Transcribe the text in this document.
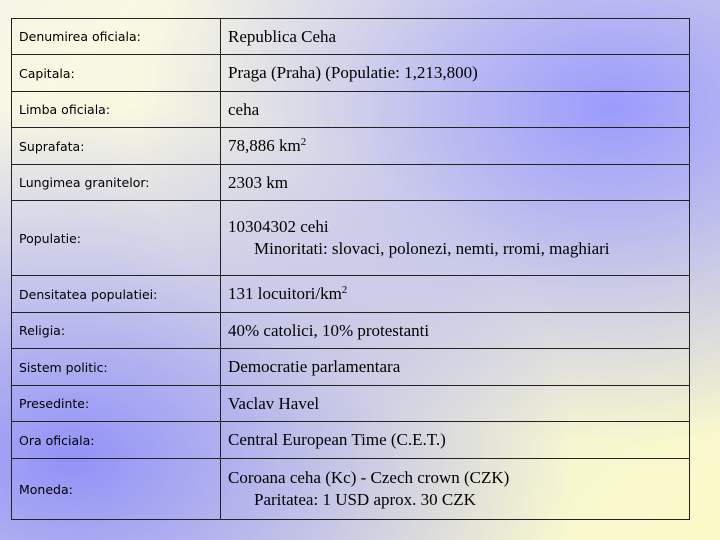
Denumirea oficiala:	Republica Ceha
Capitala:	Praga (Praha) (Populatie: 1,213,800)
Limba oficiala:	ceha
Suprafata:	78,886 $km^2$
Lungimea granitelor:	2303 km
Populatie:	10304302 cehi
Minoritati: slovaci, polonezi, nemti, rromi, maghiari

Densitatea populatiei:	131 locuitori/$km^2$
Religia:	40% catolici, 10% protestanti
Sistem politic:	Democratie parlamentara
Presedinte:	Vaclav Havel
Ora oficiala:	Central European Time (C.E.T.)
Moneda:	Coroana ceha (Kc) - Czech crown (CZK)
Paritatea: 1 USD aprox. 30 CZK
